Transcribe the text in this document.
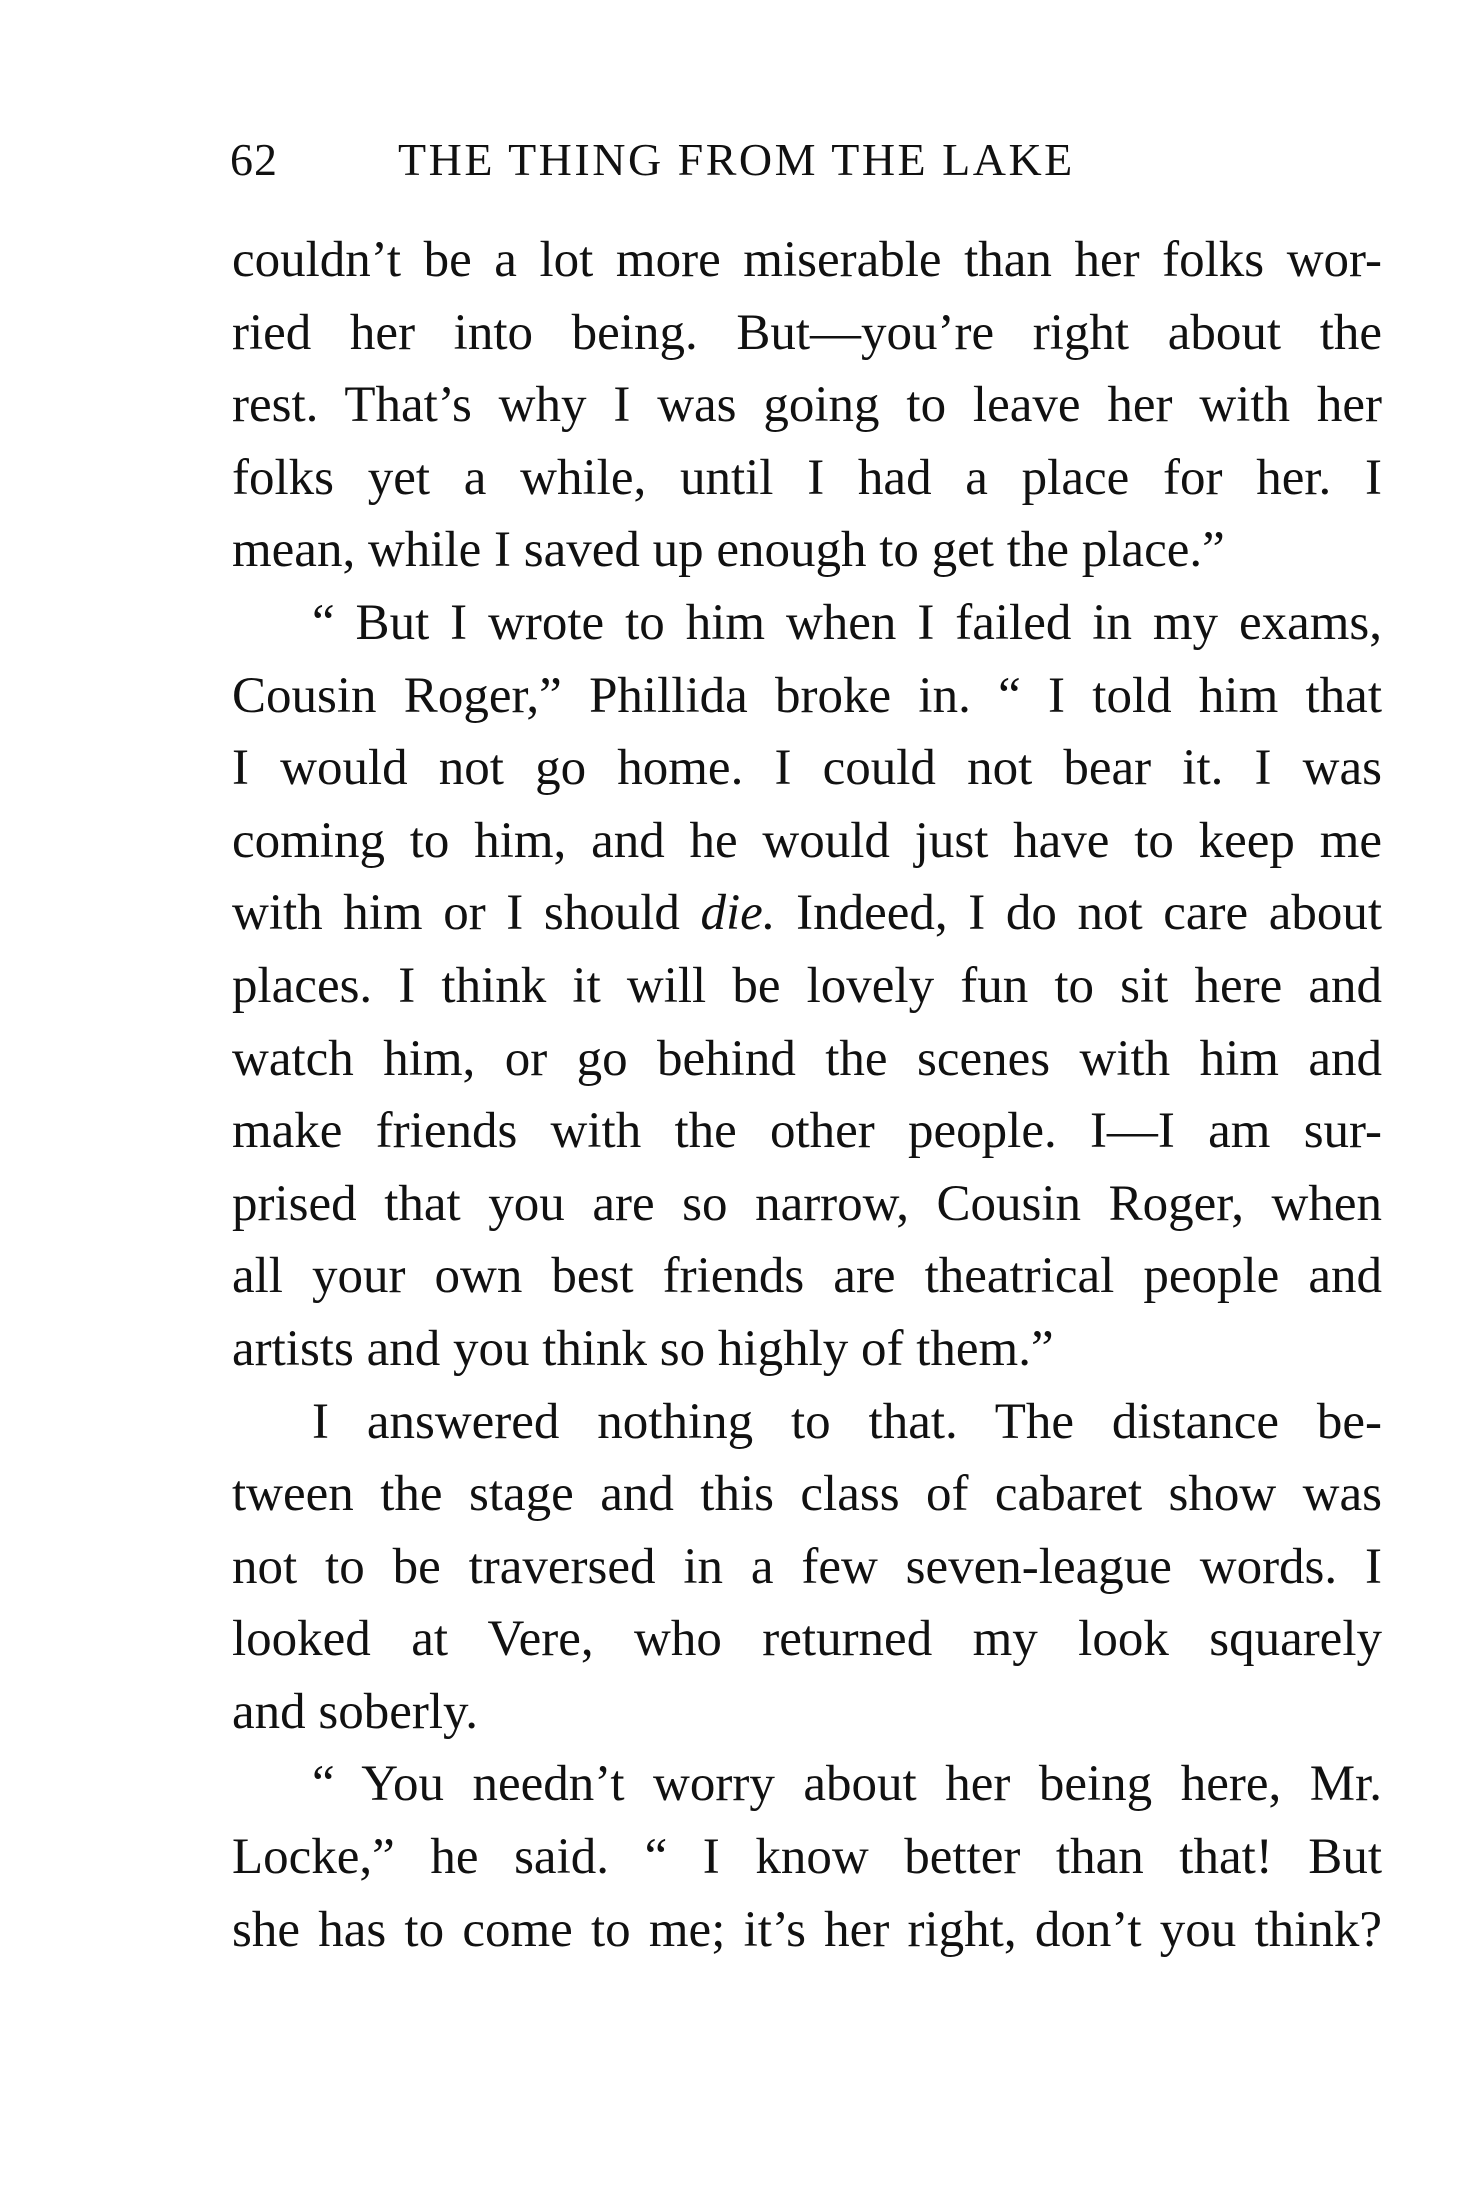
62	THE THING FROM THE LAKE
couldn’t be a lot more miserable than her folks wor-
ried her into being. But—you’re right about the
rest. That’s why I was going to leave her with her
folks yet a while, until I had a place for her. I
mean, while I saved up enough to get the place.”
“ But I wrote to him when I failed in my exams,
Cousin Roger,” Phillida broke in. “ I told him that
I would not go home. I could not bear it. I was
coming to him, and he would just have to keep me
with him or I should die. Indeed, I do not care about
places. I think it will be lovely fun to sit here and
watch him, or go behind the scenes with him and
make friends with the other people. I—I am sur-
prised that you are so narrow, Cousin Roger, when
all your own best friends are theatrical people and
artists and you think so highly of them.”
I answered nothing to that. The distance be-
tween the stage and this class of cabaret show was
not to be traversed in a few seven-league words. I
looked at Vere, who returned my look squarely
and soberly.
“ You needn’t worry about her being here, Mr.
Locke,” he said. “ I know better than that! But
she has to come to me; it’s her right, don’t you think?
